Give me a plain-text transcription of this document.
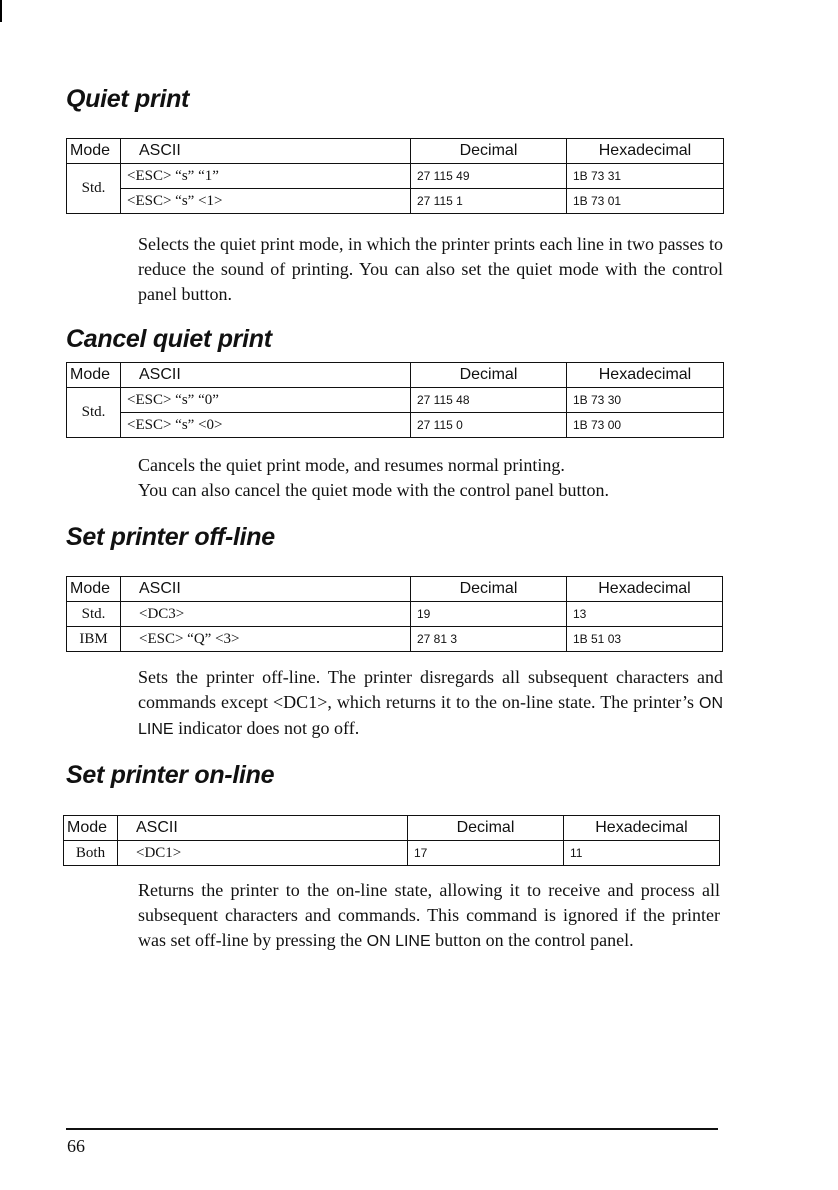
Quiet print
Mode	ASCII	Decimal	Hexadecimal
Std.	<ESC> “s” “1”	27 115 49	1B 73 31
	<ESC> “s” <1>	27 115 1	1B 73 01

Selects the quiet print mode, in which the printer prints each line in two passes to reduce the sound of printing. You can also set the quiet mode with the control panel button.

Cancel quiet print
Mode	ASCII	Decimal	Hexadecimal
Std.	<ESC> “s” “0”	27 115 48	1B 73 30
	<ESC> “s” <0>	27 115 0	1B 73 00

Cancels the quiet print mode, and resumes normal printing.
You can also cancel the quiet mode with the control panel button.

Set printer off-line
Mode	ASCII	Decimal	Hexadecimal
Std.	<DC3>	19	13
IBM	<ESC> “Q” <3>	27 81 3	1B 51 03

Sets the printer off-line. The printer disregards all subsequent characters and commands except <DC1>, which returns it to the on-line state. The printer’s ON LINE indicator does not go off.

Set printer on-line
Mode	ASCII	Decimal	Hexadecimal
Both	<DC1>	17	11

Returns the printer to the on-line state, allowing it to receive and process all subsequent characters and commands. This command is ignored if the printer was set off-line by pressing the ON LINE button on the control panel.

66
